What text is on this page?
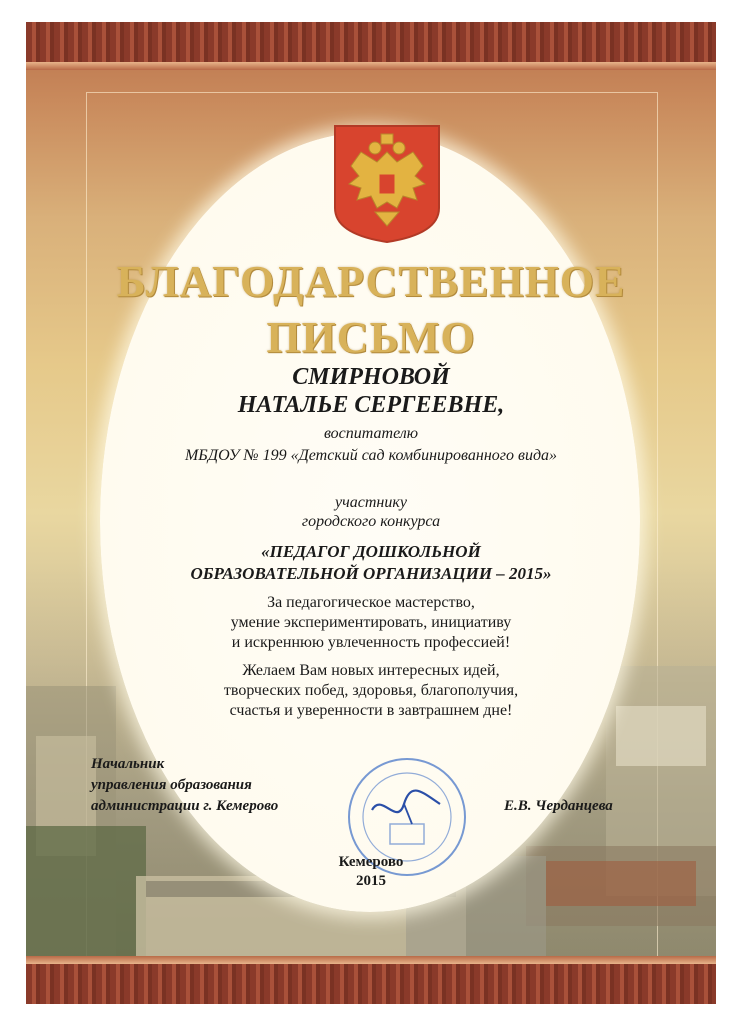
БЛАГОДАРСТВЕННОЕ
ПИСЬМО
СМИРНОВОЙ
НАТАЛЬЕ СЕРГЕЕВНЕ,
воспитателю
МБДОУ № 199 «Детский сад комбинированного вида»
участнику
городского конкурса
«ПЕДАГОГ ДОШКОЛЬНОЙ
ОБРАЗОВАТЕЛЬНОЙ ОРГАНИЗАЦИИ – 2015»
За педагогическое мастерство,
умение экспериментировать, инициативу
и искреннюю увлеченность профессией!
Желаем Вам новых интересных идей,
творческих побед, здоровья, благополучия,
счастья и уверенности в завтрашнем дне!
Начальник
управления образования
администрации г. Кемерово	Е.В. Черданцева
Кемерово
2015
